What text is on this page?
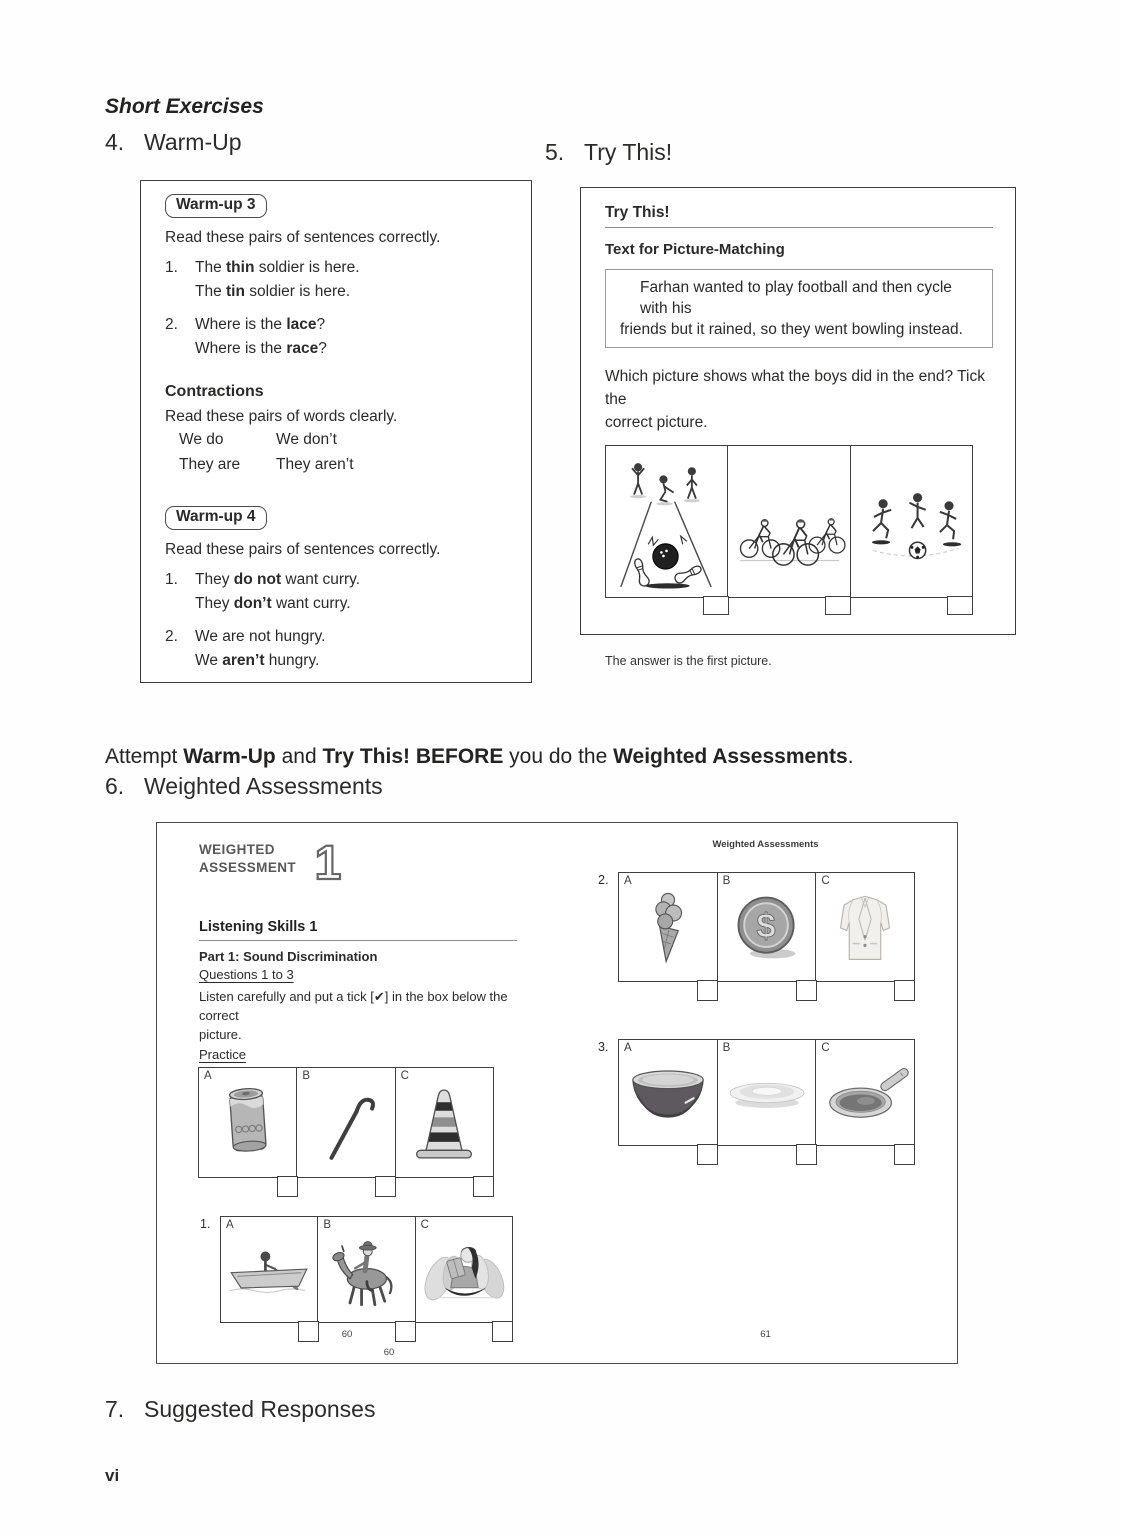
Short Exercises
4. Warm-Up	5. Try This!
Warm-up 3

Read these pairs of sentences correctly.

1.	The thin soldier is here.
The tin soldier is here.
2.	Where is the lace?
Where is the race?
Contractions

Read these pairs of words clearly.

We do	We don’t
They are	They aren’t
Warm-up 4

Read these pairs of sentences correctly.

1.	They do not want curry.
They don’t want curry.
2.	We are not hungry.
We aren’t hungry.
Try This!
Text for Picture-Matching
Farhan wanted to play football and then cycle with his
friends but it rained, so they went bowling instead.

Which picture shows what the boys did in the end? Tick the
correct picture.

The answer is the first picture.

Attempt Warm-Up and Try This! BEFORE you do the Weighted Assessments.

6. Weighted Assessments
WEIGHTED
ASSESSMENT 1
Listening Skills 1
Part 1: Sound Discrimination
Questions 1 to 3
Listen carefully and put a tick [✔] in the box below the correct
picture.
Practice
A	B	C
1.	A	B	C
60
Weighted Assessments
2.	A	B
$
C
3.	A	B	C
60	61
7. Suggested Responses
vi
